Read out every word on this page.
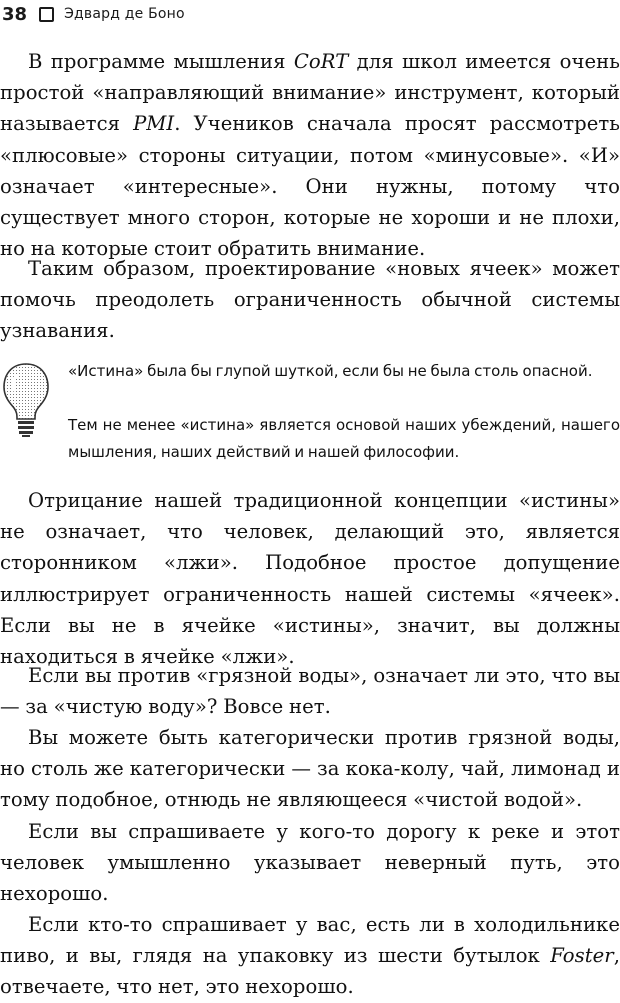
38	Эдвард де Боно

В программе мышления CoRT для школ имеется очень простой «направляющий внимание» инструмент, который называется PMI. Учеников сначала просят рассмотреть «плюсовые» стороны ситуации, потом «минусовые». «И» означает «интересные». Они нужны, потому что существует много сторон, которые не хороши и не плохи, но на которые стоит обратить внимание.

Таким образом, проектирование «новых ячеек» может помочь преодолеть ограниченность обычной системы узнавания.

«Истина» была бы глупой шуткой, если бы не была столь опасной.

Тем не менее «истина» является основой наших убеждений, нашего мышления, наших действий и нашей философии.

Отрицание нашей традиционной концепции «истины» не означает, что человек, делающий это, является сторонником «лжи». Подобное простое допущение иллюстрирует ограниченность нашей системы «ячеек». Если вы не в ячейке «истины», значит, вы должны находиться в ячейке «лжи».

Если вы против «грязной воды», означает ли это, что вы — за «чистую воду»? Вовсе нет.

Вы можете быть категорически против грязной воды, но столь же категорически — за кока-колу, чай, лимонад и тому подобное, отнюдь не являющееся «чистой водой».

Если вы спрашиваете у кого-то дорогу к реке и этот человек умышленно указывает неверный путь, это нехорошо.

Если кто-то спрашивает у вас, есть ли в холодильнике пиво, и вы, глядя на упаковку из шести бутылок Foster, отвечаете, что нет, это нехорошо.
